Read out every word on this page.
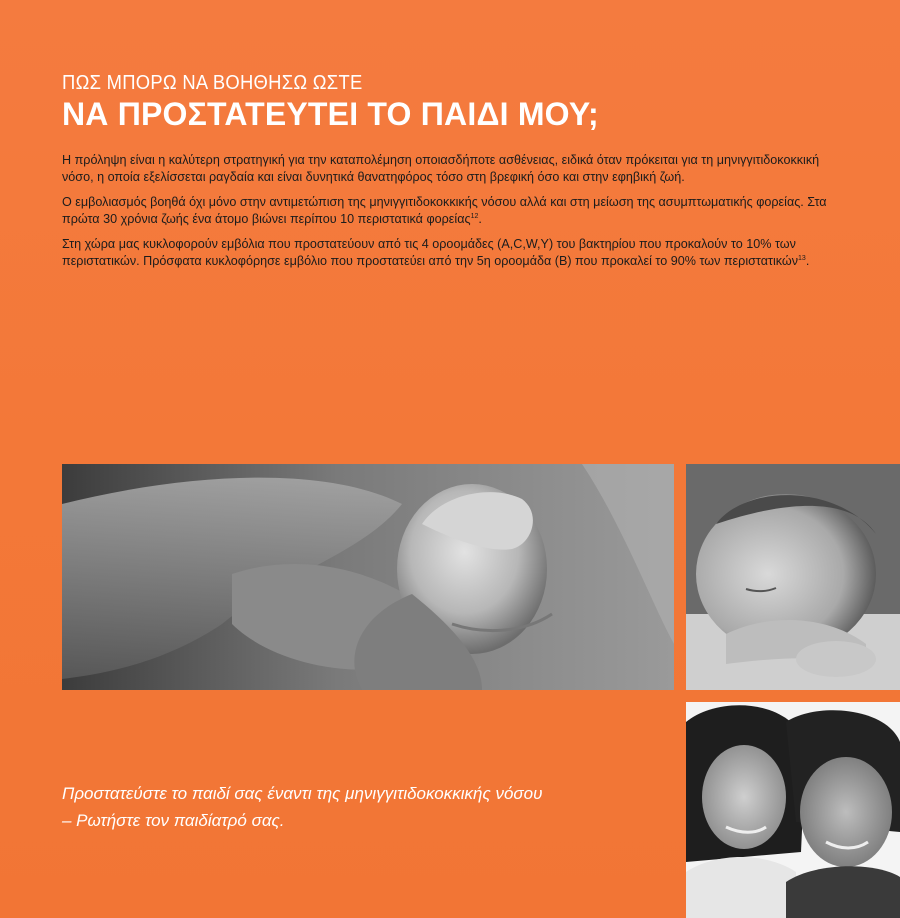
ΠΩΣ ΜΠΟΡΩ ΝΑ ΒΟΗΘΗΣΩ ΩΣΤΕ
ΝΑ ΠΡΟΣΤΑΤΕΥΤΕΙ ΤΟ ΠΑΙΔΙ ΜΟΥ;

Η πρόληψη είναι η καλύτερη στρατηγική για την καταπολέμηση οποιασδήποτε ασθένειας, ειδικά όταν πρόκειται για τη μηνιγγιτιδοκοκκική νόσο, η οποία εξελίσσεται ραγδαία και είναι δυνητικά θανατηφόρος τόσο στη βρεφική όσο και στην εφηβική ζωή.

Ο εμβολιασμός βοηθά όχι μόνο στην αντιμετώπιση της μηνιγγιτιδοκοκκικής νόσου αλλά και στη μείωση της ασυμπτωματικής φορείας. Στα πρώτα 30 χρόνια ζωής ένα άτομο βιώνει περίπου 10 περιστατικά φορείας$^{12}$.

Στη χώρα μας κυκλοφορούν εμβόλια που προστατεύουν από τις 4 οροομάδες (A,C,W,Y) του βακτηρίου που προκαλούν το 10% των περιστατικών. Πρόσφατα κυκλοφόρησε εμβόλιο που προστατεύει από την 5η οροομάδα (B) που προκαλεί το 90% των περιστατικών$^{13}$.

Προστατεύστε το παιδί σας έναντι της μηνιγγιτιδοκοκκικής νόσου
– Ρωτήστε τον παιδίατρό σας.
